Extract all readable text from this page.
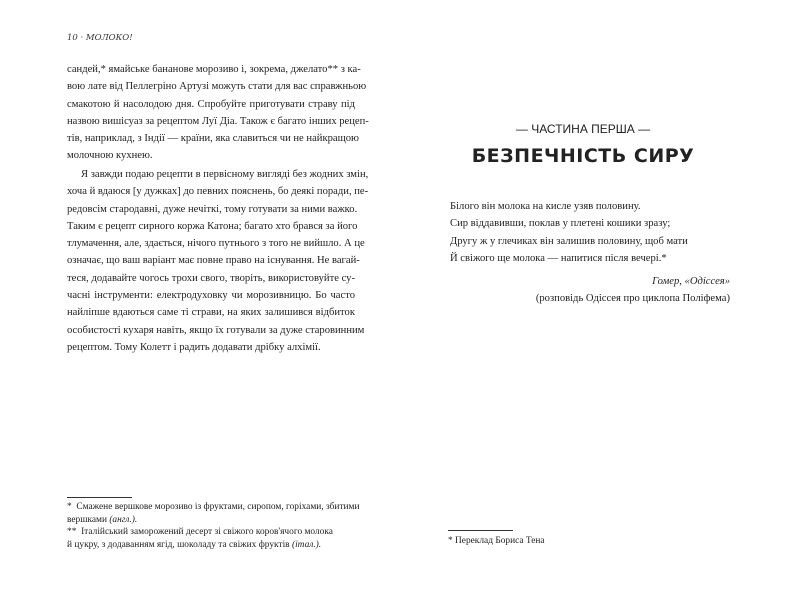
10 · МОЛОКО!
сандей,* ямайське бананове морозиво і, зокрема, джелато** з ка-
вою лате від Пеллегріно Артузі можуть стати для вас справжньою
смакотою й насолодою дня. Спробуйте приготувати страву під
назвою вишісуаз за рецептом Луї Діа. Також є багато інших рецеп-
тів, наприклад, з Індії — країни, яка славиться чи не найкращою
молочною кухнею.
Я завжди подаю рецепти в первісному вигляді без жодних змін,
хоча й вдаюся [у дужках] до певних пояснень, бо деякі поради, пе-
редовсім стародавні, дуже нечіткі, тому готувати за ними важко.
Таким є рецепт сирного коржа Катона; багато хто брався за його
тлумачення, але, здається, нічого путнього з того не вийшло. А це
означає, що ваш варіант має повне право на існування. Не вагай-
теся, додавайте чогось трохи свого, творіть, використовуйте су-
часні інструменти: електродуховку чи морозивницю. Бо часто
найліпше вдаються саме ті страви, на яких залишився відбиток
особистості кухаря навіть, якщо їх готували за дуже старовинним
рецептом. Тому Колетт і радить додавати дрібку алхімії.
* Смажене вершкове морозиво із фруктами, сиропом, горіхами, збитими
вершками (англ.).
** Італійський заморожений десерт зі свіжого коров'ячого молока
й цукру, з додаванням ягід, шоколаду та свіжих фруктів (італ.).
— ЧАСТИНА ПЕРША —
БЕЗПЕЧНІСТЬ СИРУ
Білого він молока на кисле узяв половину.
Сир віддавивши, поклав у плетені кошики зразу;
Другу ж у глечиках він залишив половину, щоб мати
Й свіжого ще молока — напитися після вечері.*
Гомер, «Одіссея»
(розповідь Одіссея про циклопа Поліфема)
* Переклад Бориса Тена
